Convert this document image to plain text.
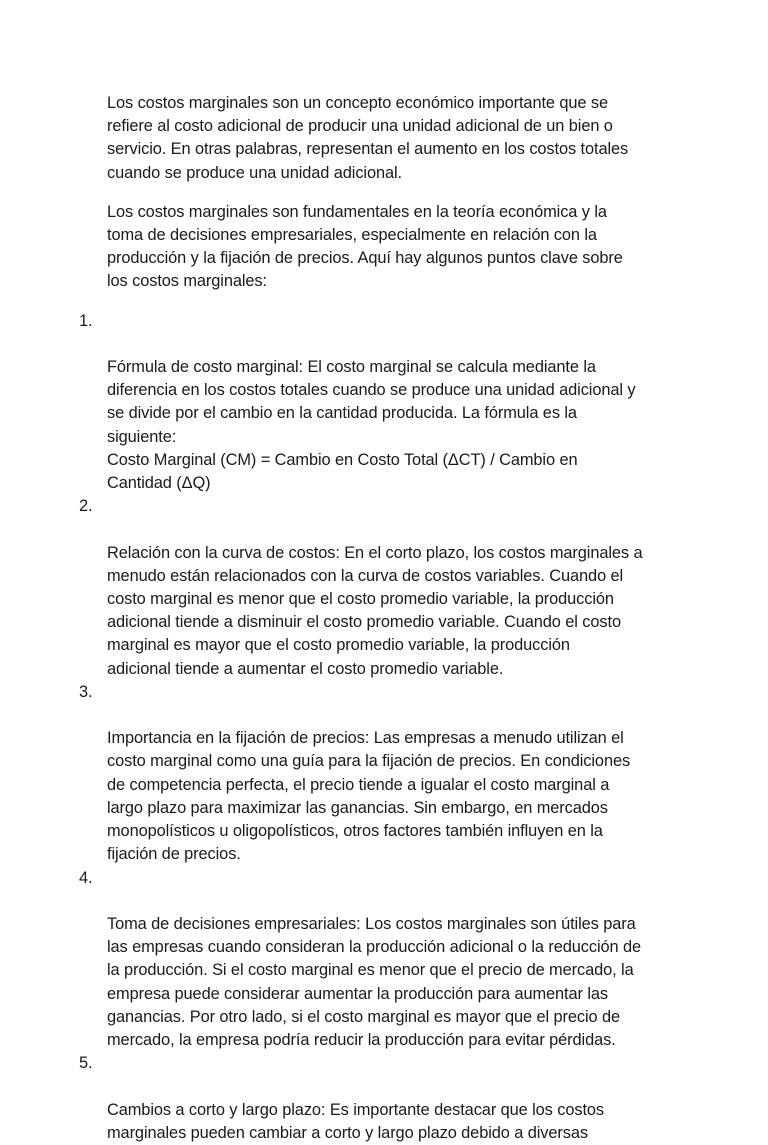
Los costos marginales son un concepto económico importante que se
refiere al costo adicional de producir una unidad adicional de un bien o
servicio. En otras palabras, representan el aumento en los costos totales
cuando se produce una unidad adicional.

Los costos marginales son fundamentales en la teoría económica y la
toma de decisiones empresariales, especialmente en relación con la
producción y la fijación de precios. Aquí hay algunos puntos clave sobre
los costos marginales:

1.

Fórmula de costo marginal: El costo marginal se calcula mediante la
diferencia en los costos totales cuando se produce una unidad adicional y
se divide por el cambio en la cantidad producida. La fórmula es la
siguiente:
Costo Marginal (CM) = Cambio en Costo Total (ΔCT) / Cambio en
Cantidad (ΔQ)

2.

Relación con la curva de costos: En el corto plazo, los costos marginales a
menudo están relacionados con la curva de costos variables. Cuando el
costo marginal es menor que el costo promedio variable, la producción
adicional tiende a disminuir el costo promedio variable. Cuando el costo
marginal es mayor que el costo promedio variable, la producción
adicional tiende a aumentar el costo promedio variable.

3.

Importancia en la fijación de precios: Las empresas a menudo utilizan el
costo marginal como una guía para la fijación de precios. En condiciones
de competencia perfecta, el precio tiende a igualar el costo marginal a
largo plazo para maximizar las ganancias. Sin embargo, en mercados
monopolísticos u oligopolísticos, otros factores también influyen en la
fijación de precios.

4.

Toma de decisiones empresariales: Los costos marginales son útiles para
las empresas cuando consideran la producción adicional o la reducción de
la producción. Si el costo marginal es menor que el precio de mercado, la
empresa puede considerar aumentar la producción para aumentar las
ganancias. Por otro lado, si el costo marginal es mayor que el precio de
mercado, la empresa podría reducir la producción para evitar pérdidas.

5.

Cambios a corto y largo plazo: Es importante destacar que los costos
marginales pueden cambiar a corto y largo plazo debido a diversas
